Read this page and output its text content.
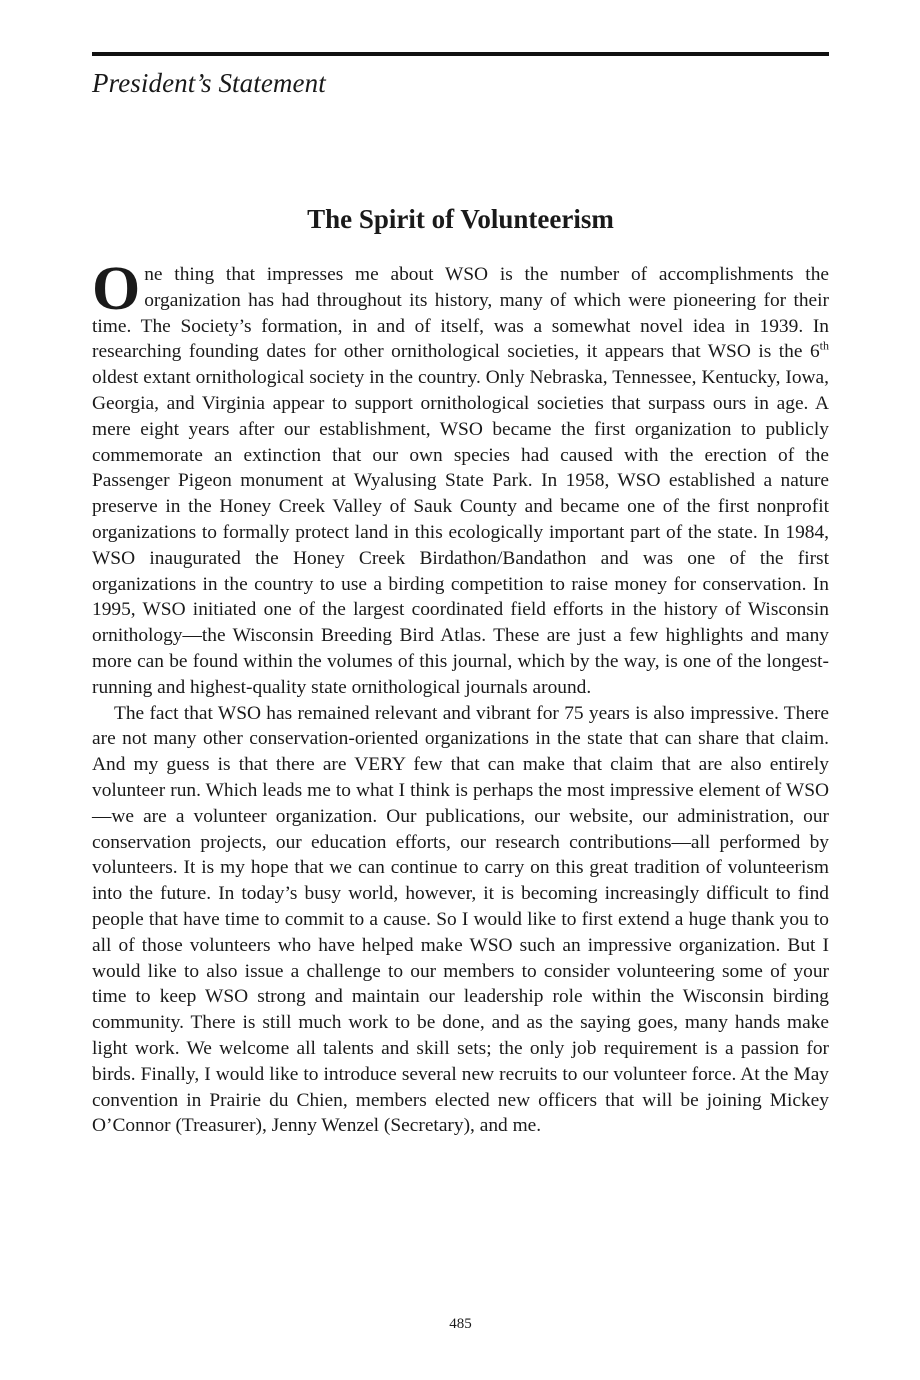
President’s Statement
The Spirit of Volunteerism

One thing that impresses me about WSO is the number of accomplishments the organization has had throughout its history, many of which were pioneering for their time. The Society’s formation, in and of itself, was a somewhat novel idea in 1939. In researching founding dates for other ornithological societies, it appears that WSO is the 6th oldest extant ornithological society in the country. Only Nebraska, Tennessee, Kentucky, Iowa, Georgia, and Virginia appear to support ornithological societies that surpass ours in age. A mere eight years after our establishment, WSO became the first organization to publicly commemorate an extinction that our own species had caused with the erection of the Passenger Pigeon monument at Wyalusing State Park. In 1958, WSO established a nature preserve in the Honey Creek Valley of Sauk County and became one of the first nonprofit organizations to formally protect land in this ecologically important part of the state. In 1984, WSO inaugurated the Honey Creek Birdathon/Bandathon and was one of the first organizations in the country to use a birding competition to raise money for conservation. In 1995, WSO initiated one of the largest coordinated field efforts in the history of Wisconsin ornithology—the Wisconsin Breeding Bird Atlas. These are just a few highlights and many more can be found within the volumes of this journal, which by the way, is one of the longest-running and highest-quality state ornithological journals around.

The fact that WSO has remained relevant and vibrant for 75 years is also impressive. There are not many other conservation-oriented organizations in the state that can share that claim. And my guess is that there are VERY few that can make that claim that are also entirely volunteer run. Which leads me to what I think is perhaps the most impressive element of WSO—we are a volunteer organization. Our publications, our website, our administration, our conservation projects, our education efforts, our research contributions—all performed by volunteers. It is my hope that we can continue to carry on this great tradition of volunteerism into the future. In today’s busy world, however, it is becoming increasingly difficult to find people that have time to commit to a cause. So I would like to first extend a huge thank you to all of those volunteers who have helped make WSO such an impressive organization. But I would like to also issue a challenge to our members to consider volunteering some of your time to keep WSO strong and maintain our leadership role within the Wisconsin birding community. There is still much work to be done, and as the saying goes, many hands make light work. We welcome all talents and skill sets; the only job requirement is a passion for birds. Finally, I would like to introduce several new recruits to our volunteer force. At the May convention in Prairie du Chien, members elected new officers that will be joining Mickey O’Connor (Treasurer), Jenny Wenzel (Secretary), and me.

485
